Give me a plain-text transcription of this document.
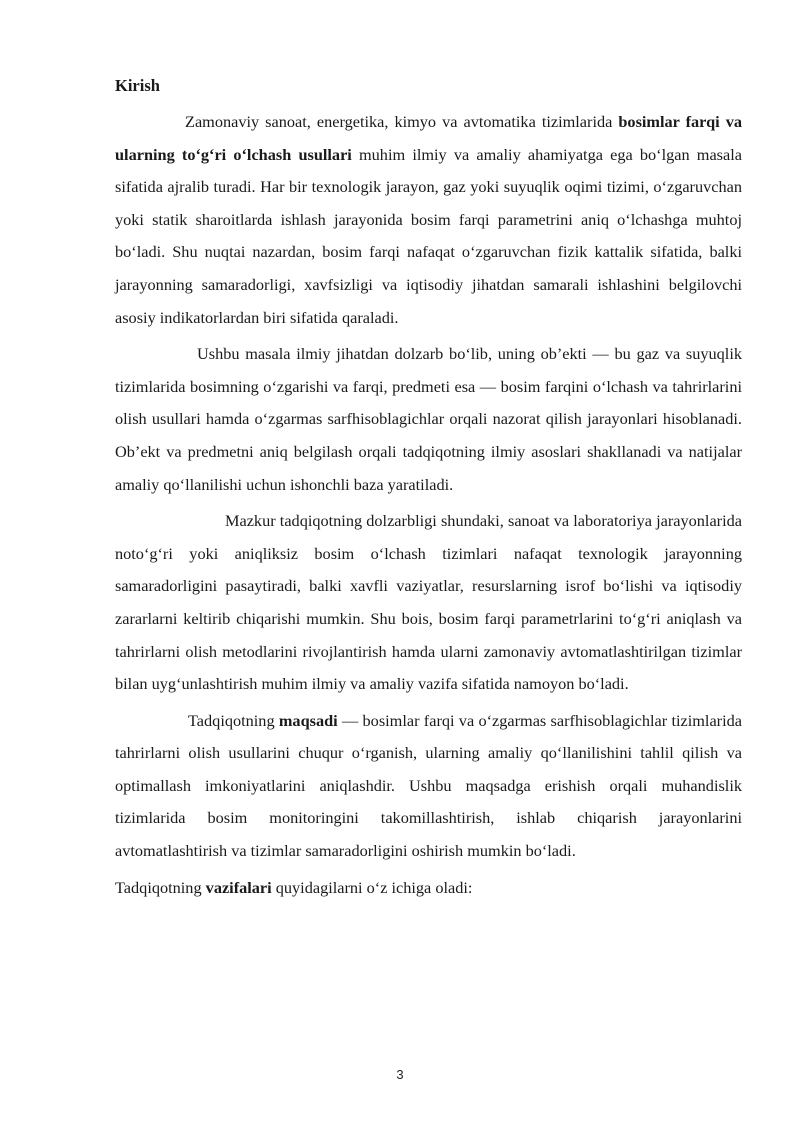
Kirish

Zamonaviy sanoat, energetika, kimyo va avtomatika tizimlarida bosimlar farqi va ularning to‘g‘ri o‘lchash usullari muhim ilmiy va amaliy ahamiyatga ega bo‘lgan masala sifatida ajralib turadi. Har bir texnologik jarayon, gaz yoki suyuqlik oqimi tizimi, o‘zgaruvchan yoki statik sharoitlarda ishlash jarayonida bosim farqi parametrini aniq o‘lchashga muhtoj bo‘ladi. Shu nuqtai nazardan, bosim farqi nafaqat o‘zgaruvchan fizik kattalik sifatida, balki jarayonning samaradorligi, xavfsizligi va iqtisodiy jihatdan samarali ishlashini belgilovchi asosiy indikatorlardan biri sifatida qaraladi.

Ushbu masala ilmiy jihatdan dolzarb bo‘lib, uning ob’ekti — bu gaz va suyuqlik tizimlarida bosimning o‘zgarishi va farqi, predmeti esa — bosim farqini o‘lchash va tahrirlarini olish usullari hamda o‘zgarmas sarfhisoblagichlar orqali nazorat qilish jarayonlari hisoblanadi. Ob’ekt va predmetni aniq belgilash orqali tadqiqotning ilmiy asoslari shakllanadi va natijalar amaliy qo‘llanilishi uchun ishonchli baza yaratiladi.

Mazkur tadqiqotning dolzarbligi shundaki, sanoat va laboratoriya jarayonlarida noto‘g‘ri yoki aniqliksiz bosim o‘lchash tizimlari nafaqat texnologik jarayonning samaradorligini pasaytiradi, balki xavfli vaziyatlar, resurslarning isrof bo‘lishi va iqtisodiy zararlarni keltirib chiqarishi mumkin. Shu bois, bosim farqi parametrlarini to‘g‘ri aniqlash va tahrirlarni olish metodlarini rivojlantirish hamda ularni zamonaviy avtomatlashtirilgan tizimlar bilan uyg‘unlashtirish muhim ilmiy va amaliy vazifa sifatida namoyon bo‘ladi.

Tadqiqotning maqsadi — bosimlar farqi va o‘zgarmas sarfhisoblagichlar tizimlarida tahrirlarni olish usullarini chuqur o‘rganish, ularning amaliy qo‘llanilishini tahlil qilish va optimallash imkoniyatlarini aniqlashdir. Ushbu maqsadga erishish orqali muhandislik tizimlarida bosim monitoringini takomillashtirish, ishlab chiqarish jarayonlarini avtomatlashtirish va tizimlar samaradorligini oshirish mumkin bo‘ladi.

Tadqiqotning vazifalari quyidagilarni o‘z ichiga oladi:

3
